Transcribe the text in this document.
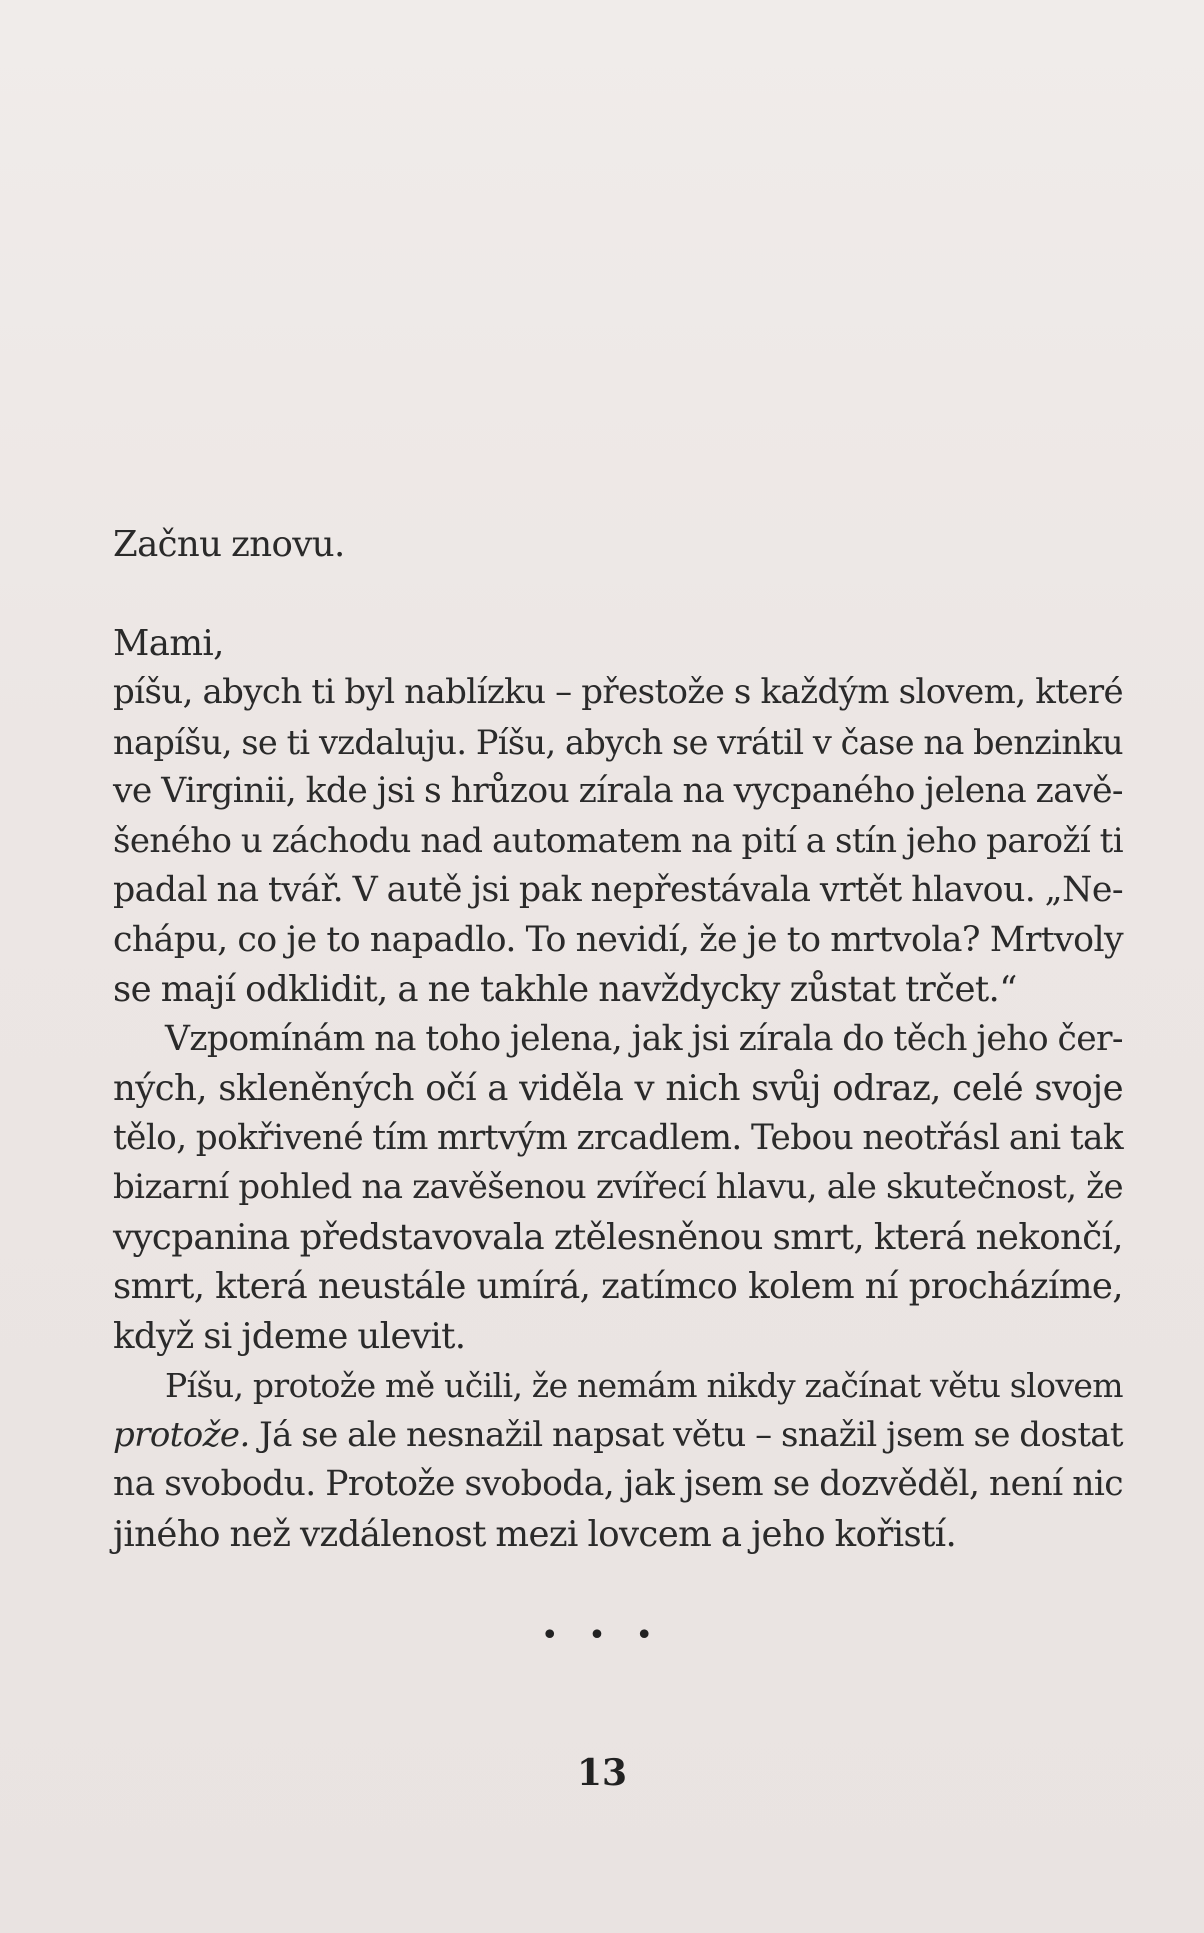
Začnu znovu.

Mami,

píšu, abych ti byl nablízku – přestože s každým slovem, které
napíšu, se ti vzdaluju. Píšu, abych se vrátil v čase na benzinku
ve Virginii, kde jsi s hrůzou zírala na vycpaného jelena zavě-
šeného u záchodu nad automatem na pití a stín jeho paroží ti
padal na tvář. V autě jsi pak nepřestávala vrtět hlavou. „Ne-
chápu, co je to napadlo. To nevidí, že je to mrtvola? Mrtvoly
se mají odklidit, a ne takhle navždycky zůstat trčet.“

Vzpomínám na toho jelena, jak jsi zírala do těch jeho čer-
ných, skleněných očí a viděla v nich svůj odraz, celé svoje
tělo, pokřivené tím mrtvým zrcadlem. Tebou neotřásl ani tak
bizarní pohled na zavěšenou zvířecí hlavu, ale skutečnost, že
vycpanina představovala ztělesněnou smrt, která nekončí,
smrt, která neustále umírá, zatímco kolem ní procházíme,
když si jdeme ulevit.

Píšu, protože mě učili, že nemám nikdy začínat větu slovem
protože. Já se ale nesnažil napsat větu – snažil jsem se dostat
na svobodu. Protože svoboda, jak jsem se dozvěděl, není nic
jiného než vzdálenost mezi lovcem a jeho kořistí.

• • •
13
